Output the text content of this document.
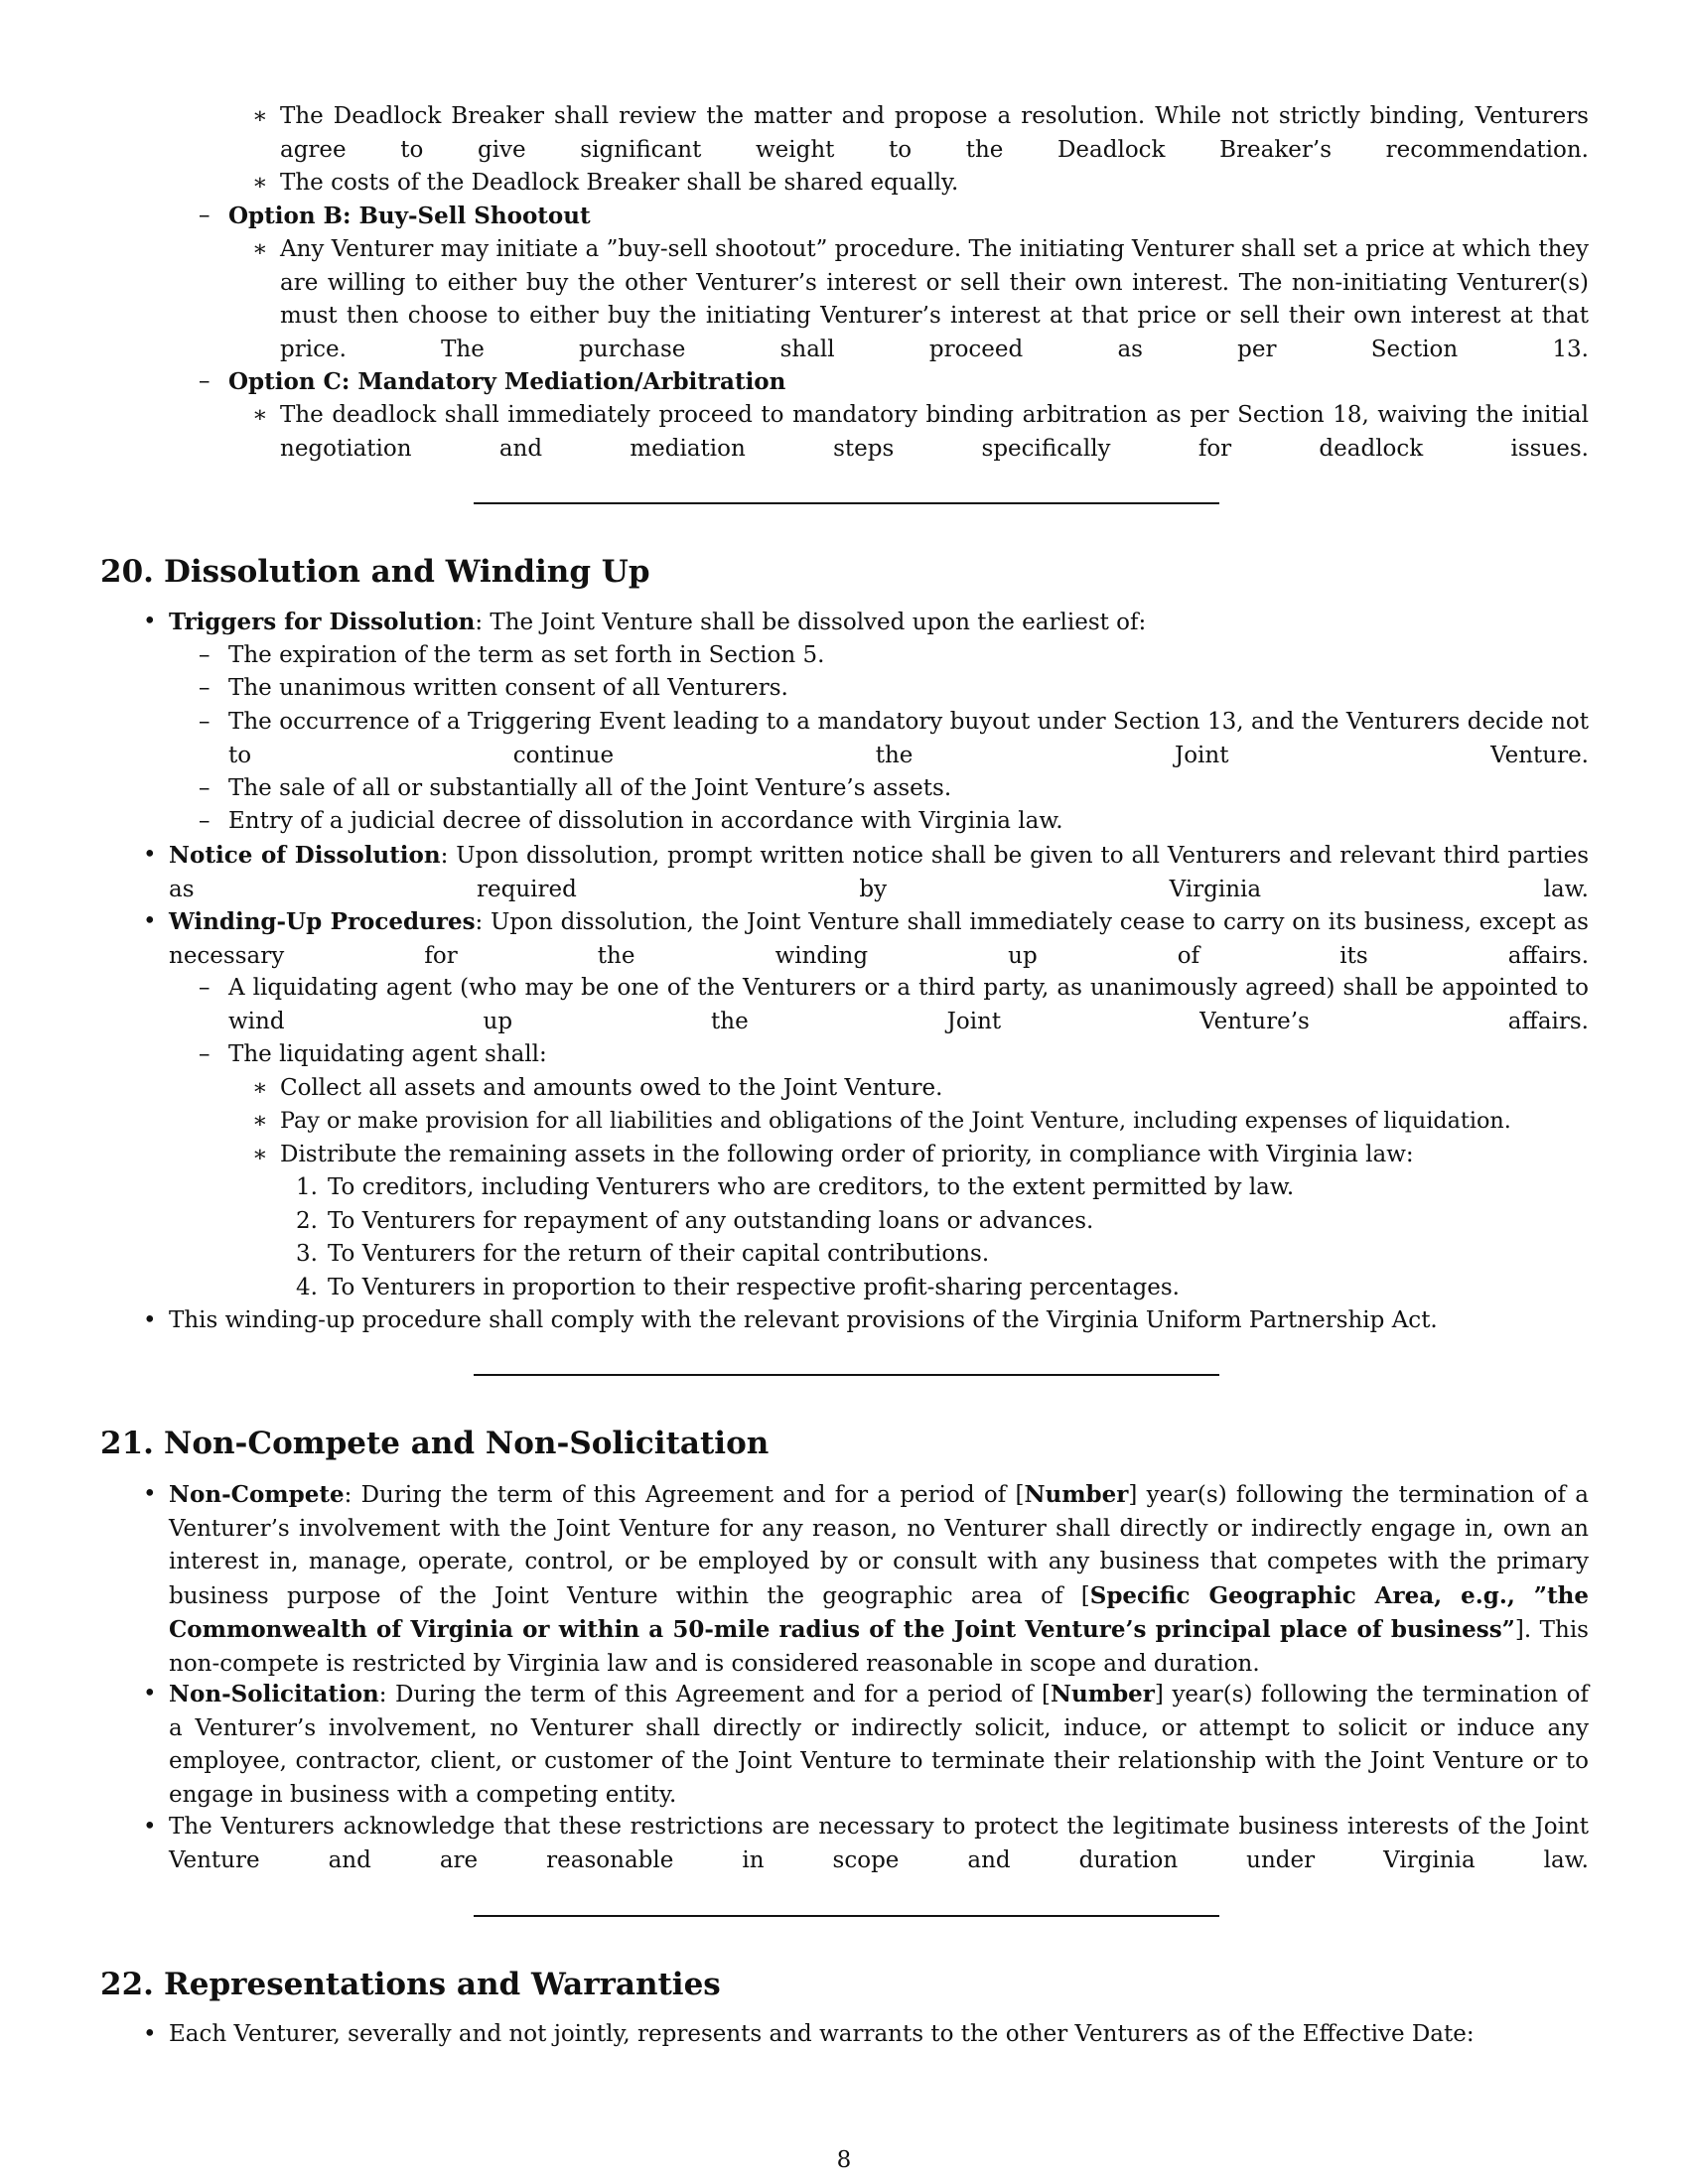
∗ The Deadlock Breaker shall review the matter and propose a resolution. While not strictly binding, Venturers agree to give significant weight to the Deadlock Breaker’s recommendation.
∗ The costs of the Deadlock Breaker shall be shared equally.
– Option B: Buy-Sell Shootout
∗ Any Venturer may initiate a ”buy-sell shootout” procedure. The initiating Venturer shall set a price at which they are willing to either buy the other Venturer’s interest or sell their own interest. The non-initiating Venturer(s) must then choose to either buy the initiating Venturer’s interest at that price or sell their own interest at that price. The purchase shall proceed as per Section 13.
– Option C: Mandatory Mediation/Arbitration
∗ The deadlock shall immediately proceed to mandatory binding arbitration as per Section 18, waiving the initial negotiation and mediation steps specifically for deadlock issues.
20. Dissolution and Winding Up
• Triggers for Dissolution: The Joint Venture shall be dissolved upon the earliest of:
– The expiration of the term as set forth in Section 5.
– The unanimous written consent of all Venturers.
– The occurrence of a Triggering Event leading to a mandatory buyout under Section 13, and the Venturers decide not to continue the Joint Venture.
– The sale of all or substantially all of the Joint Venture’s assets.
– Entry of a judicial decree of dissolution in accordance with Virginia law.
• Notice of Dissolution: Upon dissolution, prompt written notice shall be given to all Venturers and relevant third parties as required by Virginia law.
• Winding-Up Procedures: Upon dissolution, the Joint Venture shall immediately cease to carry on its business, except as necessary for the winding up of its affairs.
– A liquidating agent (who may be one of the Venturers or a third party, as unanimously agreed) shall be appointed to wind up the Joint Venture’s affairs.
– The liquidating agent shall:
∗ Collect all assets and amounts owed to the Joint Venture.
∗ Pay or make provision for all liabilities and obligations of the Joint Venture, including expenses of liquidation.
∗ Distribute the remaining assets in the following order of priority, in compliance with Virginia law:
1. To creditors, including Venturers who are creditors, to the extent permitted by law.
2. To Venturers for repayment of any outstanding loans or advances.
3. To Venturers for the return of their capital contributions.
4. To Venturers in proportion to their respective profit-sharing percentages.
• This winding-up procedure shall comply with the relevant provisions of the Virginia Uniform Partnership Act.
21. Non-Compete and Non-Solicitation
• Non-Compete: During the term of this Agreement and for a period of [Number] year(s) following the termination of a Venturer’s involvement with the Joint Venture for any reason, no Venturer shall directly or indirectly engage in, own an interest in, manage, operate, control, or be employed by or consult with any business that competes with the primary business purpose of the Joint Venture within the geographic area of [Specific Geographic Area, e.g., ”the Commonwealth of Virginia or within a 50-mile radius of the Joint Venture’s principal place of business”]. This non-compete is restricted by Virginia law and is considered reasonable in scope and duration.
• Non-Solicitation: During the term of this Agreement and for a period of [Number] year(s) following the termination of a Venturer’s involvement, no Venturer shall directly or indirectly solicit, induce, or attempt to solicit or induce any employee, contractor, client, or customer of the Joint Venture to terminate their relationship with the Joint Venture or to engage in business with a competing entity.
• The Venturers acknowledge that these restrictions are necessary to protect the legitimate business interests of the Joint Venture and are reasonable in scope and duration under Virginia law.
22. Representations and Warranties
• Each Venturer, severally and not jointly, represents and warrants to the other Venturers as of the Effective Date:
8
